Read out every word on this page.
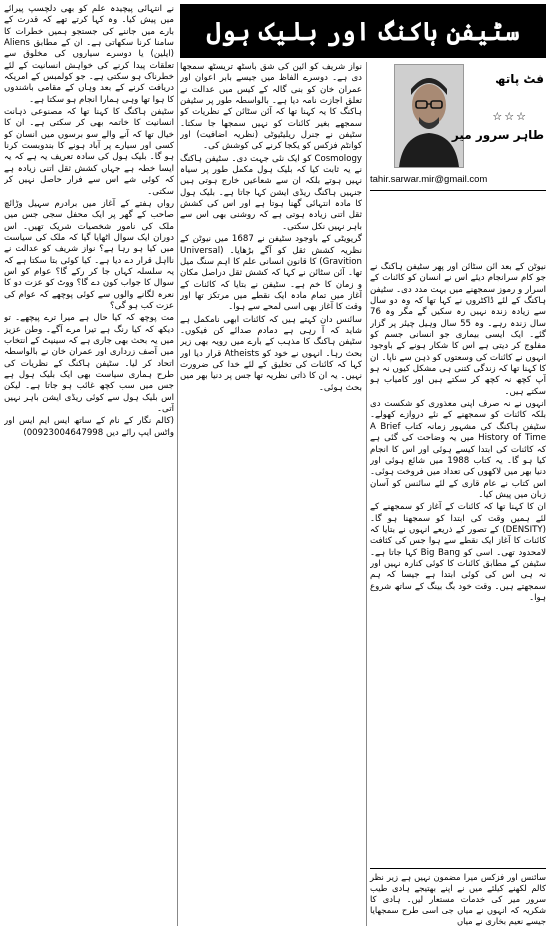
سٹیفن ہاکنگ اور بلیک ہول
فٹ پاتھ
☆☆☆
طاہر سرور میر
tahir.sarwar.mir@gmail.com

نیوٹن کے بعد آئن سٹائن اور پھر سٹیفن ہاکنگ نے جو کام سرانجام دیئے اس نے انسان کو کائنات کے اسرار و رموز سمجھنے میں بہت مدد دی۔ سٹیفن ہاکنگ کے لئے ڈاکٹروں نے کہا تھا کہ وہ دو سال سے زیادہ زندہ نہیں رہ سکیں گے مگر وہ 76 سال زندہ رہے۔ وہ 55 سال وہیل چیئر پر گزار گئے۔ ایک ایسی بیماری جو انسانی جسم کو مفلوج کر دیتی ہے اس کا شکار ہونے کے باوجود انہوں نے کائنات کی وسعتوں کو ذہن سے ناپا۔ ان کا کہنا تھا کہ زندگی کتنی ہی مشکل کیوں نہ ہو آپ کچھ نہ کچھ کر سکتے ہیں اور کامیاب ہو سکتے ہیں۔

انہوں نے نہ صرف اپنی معذوری کو شکست دی بلکہ کائنات کو سمجھنے کے نئے دروازے کھولے۔ سٹیفن ہاکنگ کی مشہور زمانہ کتاب A Brief History of Time میں یہ وضاحت کی گئی ہے کہ کائنات کی ابتدا کیسے ہوئی اور اس کا انجام کیا ہو گا۔ یہ کتاب 1988 میں شائع ہوئی اور دنیا بھر میں لاکھوں کی تعداد میں فروخت ہوئی۔ اس کتاب نے عام قاری کے لئے سائنس کو آسان زبان میں پیش کیا۔

ان کا کہنا تھا کہ کائنات کے آغاز کو سمجھنے کے لئے ہمیں وقت کی ابتدا کو سمجھنا ہو گا۔ (DENSITY) کے تصور کے ذریعے انہوں نے بتایا کہ کائنات کا آغاز ایک نقطے سے ہوا جس کی کثافت لامحدود تھی۔ اسی کو Big Bang کہا جاتا ہے۔ سٹیفن کے مطابق کائنات کا کوئی کنارہ نہیں اور نہ ہی اس کی کوئی ابتدا ہے جیسا کہ ہم سمجھتے ہیں۔ وقت خود بگ بینگ کے ساتھ شروع ہوا۔

سائنس اور فزکس میرا مضمون نہیں ہے زیر نظر کالم لکھنے کیلئے میں نے اپنے بھتیجے ہادی طیب سرور میر کی خدمات مستعار لیں۔ ہادی کا شکریہ کہ انہوں نے میاں جی اسی طرح سمجھایا جیسے نعیم بخاری نے میاں

نواز شریف کو آئین کی شق باسٹھ تریسٹھ سمجھا دی ہے۔ دوسرے الفاظ میں جیسے بابر اعوان اور عمران خان کو بنی گالہ کے کیس میں عدالت نے تعلق اجازت نامہ دیا ہے۔ بالواسطہ طور پر سٹیفن ہاکنگ کا یہ کہنا تھا کہ آئن سٹائن کے نظریات کو سمجھے بغیر کائنات کو نہیں سمجھا جا سکتا۔ سٹیفن نے جنرل ریلیٹیوٹی (نظریہ اضافیت) اور کوانٹم فزکس کو یکجا کرنے کی کوشش کی۔

Cosmology کو ایک نئی جہت دی۔ سٹیفن ہاکنگ نے یہ ثابت کیا کہ بلیک ہول مکمل طور پر سیاہ نہیں ہوتے بلکہ ان سے شعاعیں خارج ہوتی ہیں جنہیں ہاکنگ ریڈی ایشن کہا جاتا ہے۔ بلیک ہول کا مادہ انتہائی گھنا ہوتا ہے اور اس کی کشش ثقل اتنی زیادہ ہوتی ہے کہ روشنی بھی اس سے باہر نہیں نکل سکتی۔

گریویٹی کے باوجود سٹیفن نے 1687 میں نیوٹن کے نظریہ کشش ثقل کو آگے بڑھایا۔ (Universal Gravition) کا قانون انسانی علم کا اہم سنگ میل تھا۔ آئن سٹائن نے کہا کہ کشش ثقل دراصل مکان و زمان کا خم ہے۔ سٹیفن نے بتایا کہ کائنات کے آغاز میں تمام مادہ ایک نقطے میں مرتکز تھا اور وقت کا آغاز بھی اسی لمحے سے ہوا۔

سائنس دان کہتے ہیں کہ کائنات ابھی نامکمل ہے شاید کہ آ رہی ہے دمادم صدائے کن فیکوں۔ سٹیفن ہاکنگ کا مذہب کے بارے میں رویہ بھی زیر بحث رہا۔ انہوں نے خود کو Atheists قرار دیا اور کہا کہ کائنات کی تخلیق کے لئے خدا کی ضرورت نہیں۔ یہ ان کا ذاتی نظریہ تھا جس پر دنیا بھر میں بحث ہوئی۔

نے انتہائی پیچیدہ علم کو بھی دلچسپ پیرائے میں پیش کیا۔ وہ کہا کرتے تھے کہ قدرت کے بارے میں جاننے کی جستجو ہمیں خطرات کا سامنا کرنا سکھاتی ہے۔ ان کے مطابق Aliens (ایلین) یا دوسرے سیاروں کی مخلوق سے تعلقات پیدا کرنے کی خواہش انسانیت کے لئے خطرناک ہو سکتی ہے۔ جو کولمبس کے امریکہ دریافت کرنے کے بعد وہاں کے مقامی باشندوں کا ہوا تھا وہی ہمارا انجام ہو سکتا ہے۔

سٹیفن ہاکنگ کا کہنا تھا کہ مصنوعی ذہانت انسانیت کا خاتمہ بھی کر سکتی ہے۔ ان کا خیال تھا کہ آنے والے سو برسوں میں انسان کو کسی اور سیارے پر آباد ہونے کا بندوبست کرنا ہو گا۔ بلیک ہول کی سادہ تعریف یہ ہے کہ یہ ایسا خطہ ہے جہاں کشش ثقل اتنی زیادہ ہے کہ کوئی شے اس سے فرار حاصل نہیں کر سکتی۔

رواں ہفتے کے آغاز میں برادرم سہیل وڑائچ صاحب کے گھر پر ایک محفل سجی جس میں ملک کی نامور شخصیات شریک تھیں۔ اس دوران ایک سوال اٹھایا گیا کہ ملک کی سیاست میں کیا ہو رہا ہے؟ نواز شریف کو عدالت نے نااہل قرار دے دیا ہے۔ کیا کوئی بتا سکتا ہے کہ یہ سلسلہ کہاں جا کر رکے گا؟ عوام کو اس سوال کا جواب کون دے گا؟ ووٹ کو عزت دو کا نعرہ لگانے والوں سے کوئی پوچھے کہ عوام کی عزت کب ہو گی؟

مت پوچھ کہ کیا حال ہے میرا ترے پیچھے۔ تو دیکھ کہ کیا رنگ ہے تیرا مرے آگے۔ وطن عزیز میں یہ بحث بھی جاری ہے کہ سینیٹ کے انتخاب میں آصف زرداری اور عمران خان نے بالواسطہ اتحاد کر لیا۔ سٹیفن ہاکنگ کے نظریات کی طرح ہماری سیاست بھی ایک بلیک ہول ہے جس میں سب کچھ غائب ہو جاتا ہے۔ لیکن اس بلیک ہول سے کوئی ریڈی ایشن باہر نہیں آتی۔

(کالم نگار کے نام کے ساتھ ایس ایم ایس اور واٹس ایپ رائے دیں 00923004647998)
